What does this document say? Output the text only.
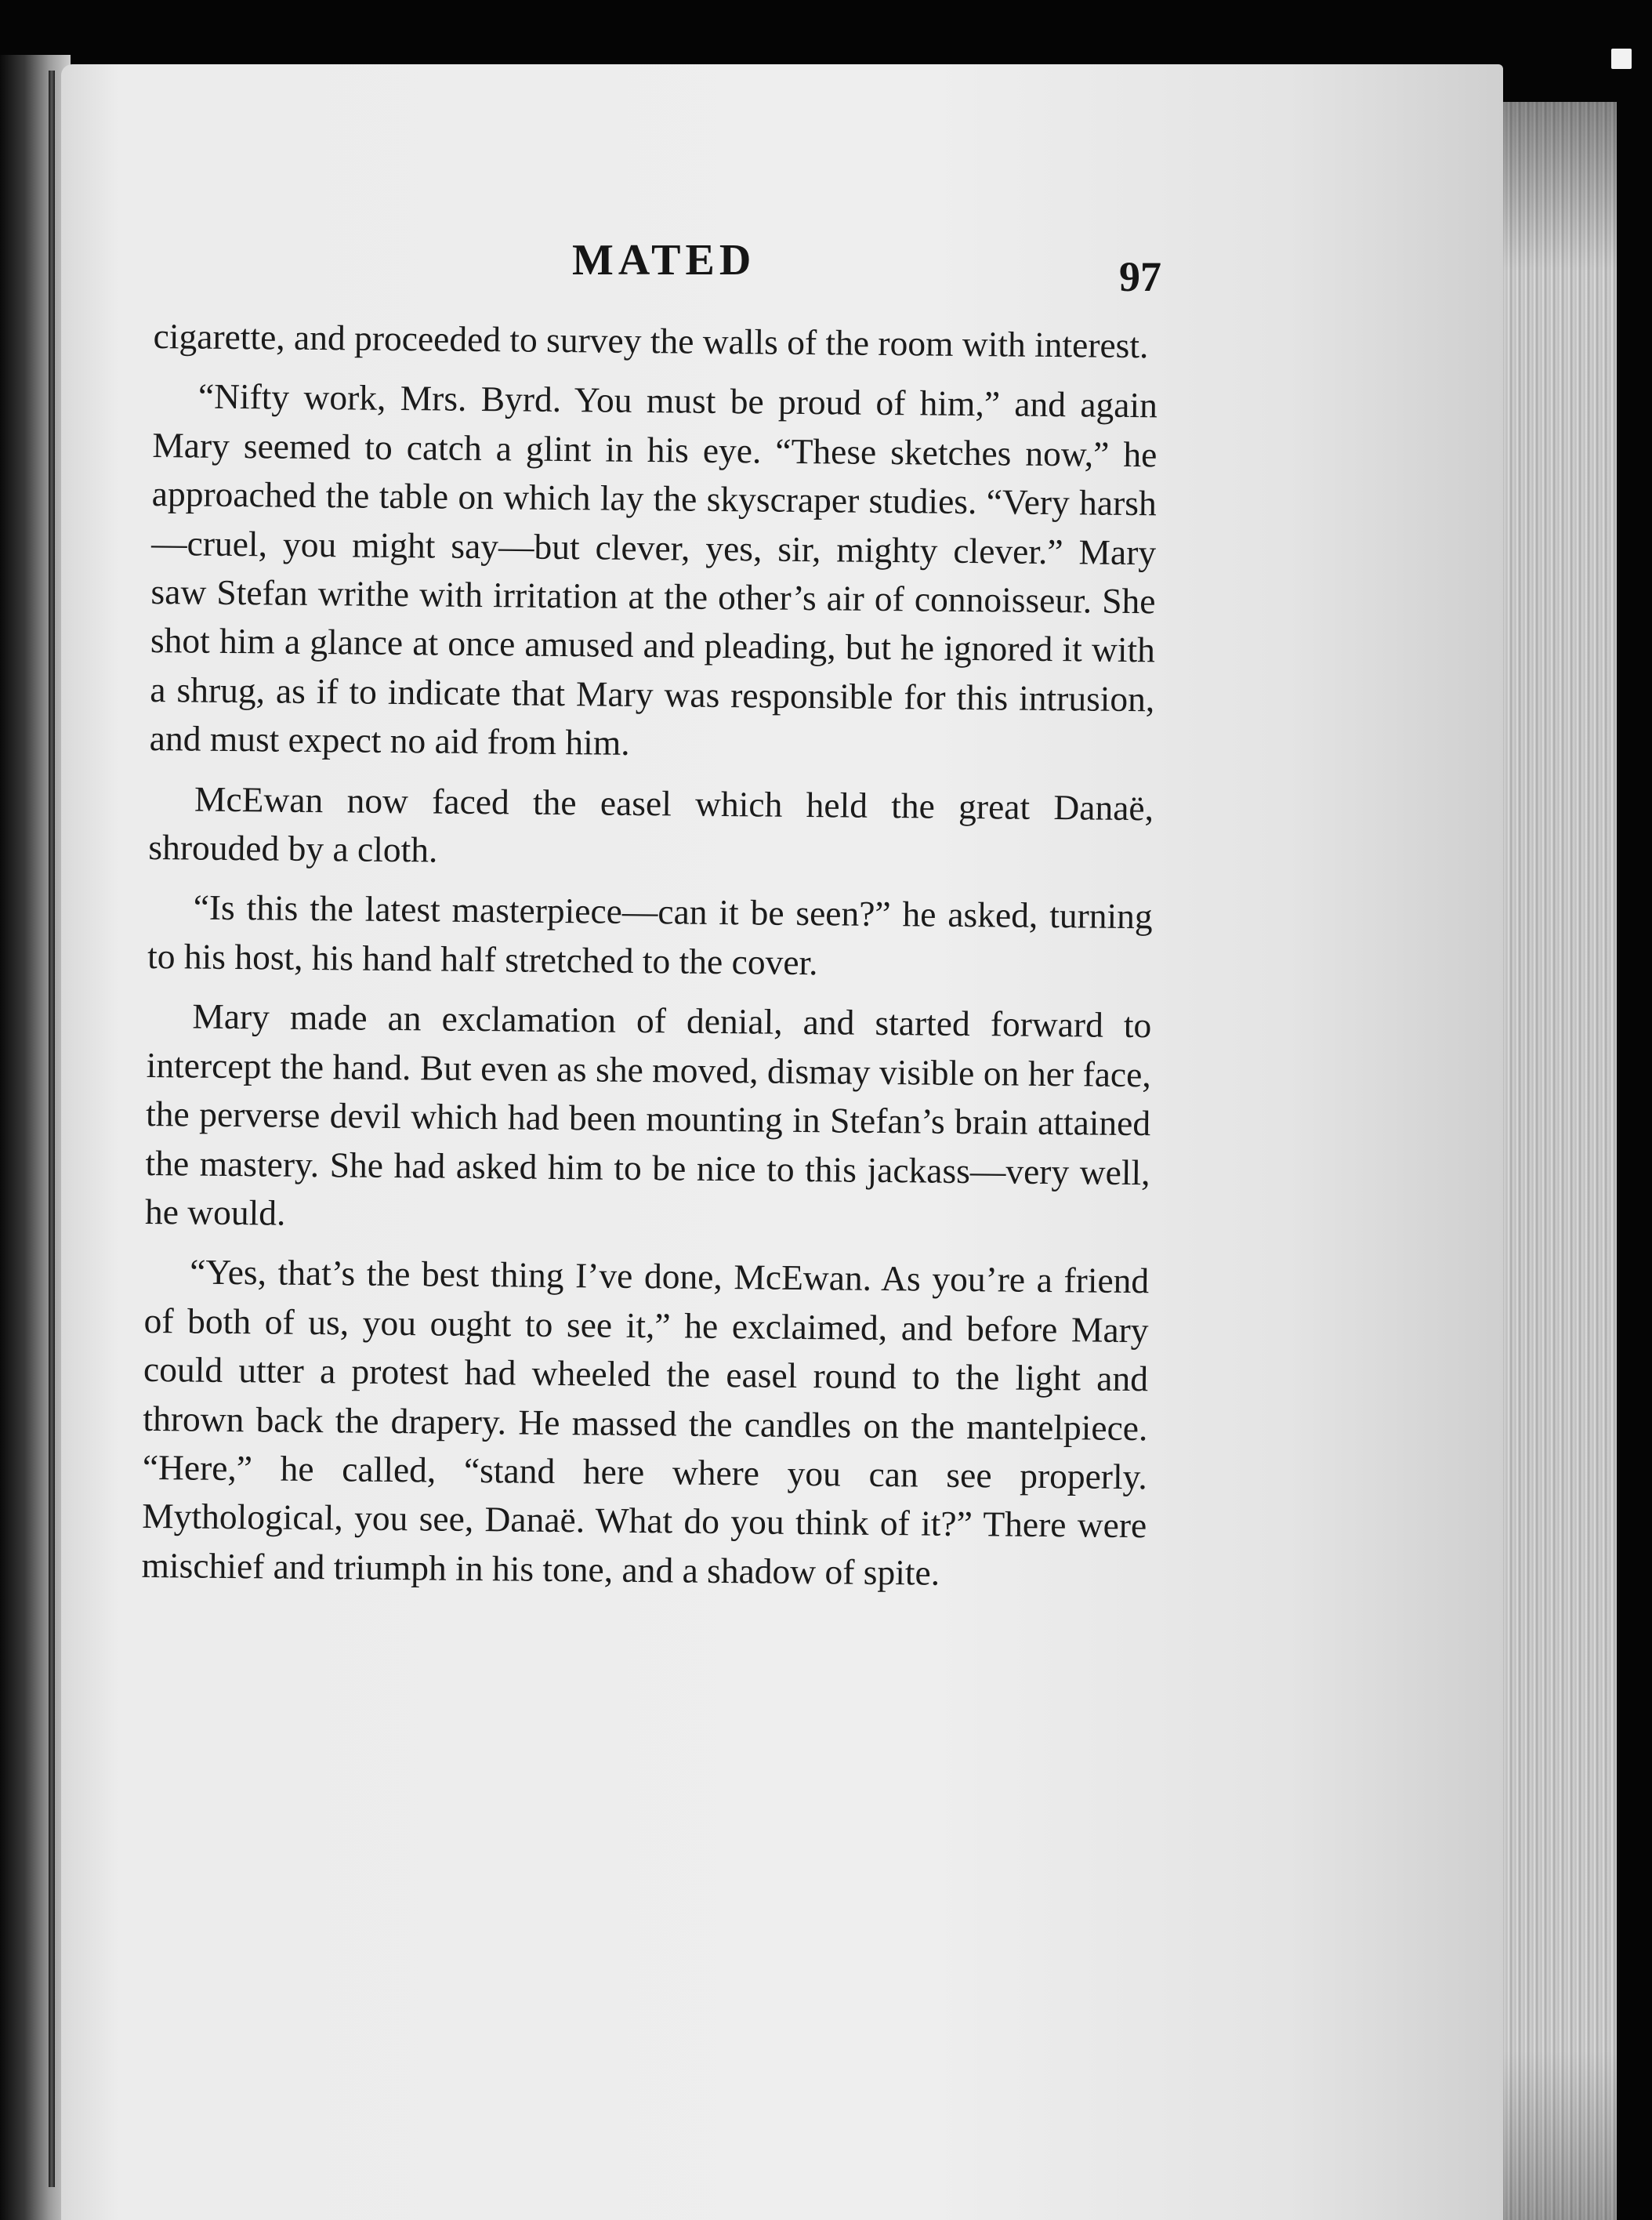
MATED	97

cigarette, and proceeded to survey the walls of the room with interest.

“Nifty work, Mrs. Byrd. You must be proud of him,” and again Mary seemed to catch a glint in his eye. “These sketches now,” he approached the table on which lay the skyscraper studies. “Very harsh—cruel, you might say—but clever, yes, sir, mighty clever.” Mary saw Stefan writhe with irritation at the other’s air of connoisseur. She shot him a glance at once amused and pleading, but he ignored it with a shrug, as if to indicate that Mary was responsible for this intrusion, and must expect no aid from him.

McEwan now faced the easel which held the great Danaë, shrouded by a cloth.

“Is this the latest masterpiece—can it be seen?” he asked, turning to his host, his hand half stretched to the cover.

Mary made an exclamation of denial, and started forward to intercept the hand. But even as she moved, dismay visible on her face, the perverse devil which had been mounting in Stefan’s brain attained the mastery. She had asked him to be nice to this jackass—very well, he would.

“Yes, that’s the best thing I’ve done, McEwan. As you’re a friend of both of us, you ought to see it,” he exclaimed, and before Mary could utter a protest had wheeled the easel round to the light and thrown back the drapery. He massed the candles on the mantelpiece. “Here,” he called, “stand here where you can see properly. Mythological, you see, Danaë. What do you think of it?” There were mischief and triumph in his tone, and a shadow of spite.
